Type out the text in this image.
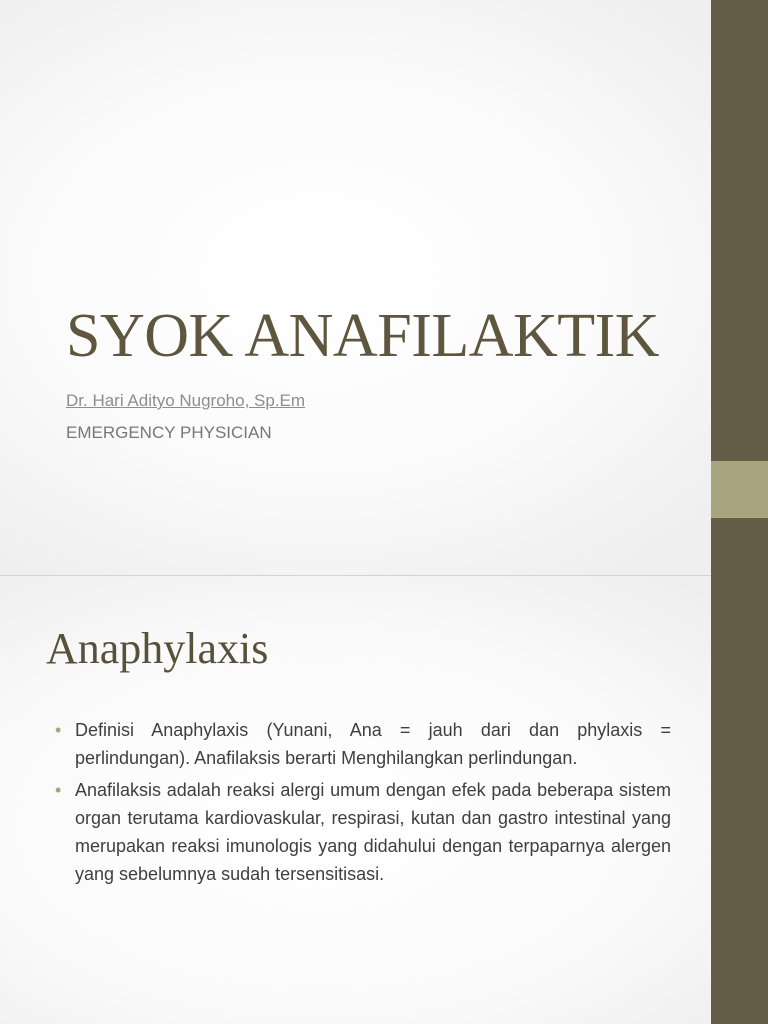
SYOK ANAFILAKTIK
Dr. Hari Adityo Nugroho, Sp.Em
EMERGENCY PHYSICIAN
Anaphylaxis
• Definisi Anaphylaxis (Yunani, Ana = jauh dari dan phylaxis = perlindungan). Anafilaksis berarti Menghilangkan perlindungan.
• Anafilaksis adalah reaksi alergi umum dengan efek pada beberapa sistem organ terutama kardiovaskular, respirasi, kutan dan gastro intestinal yang merupakan reaksi imunologis yang didahului dengan terpaparnya alergen yang sebelumnya sudah tersensitisasi.
